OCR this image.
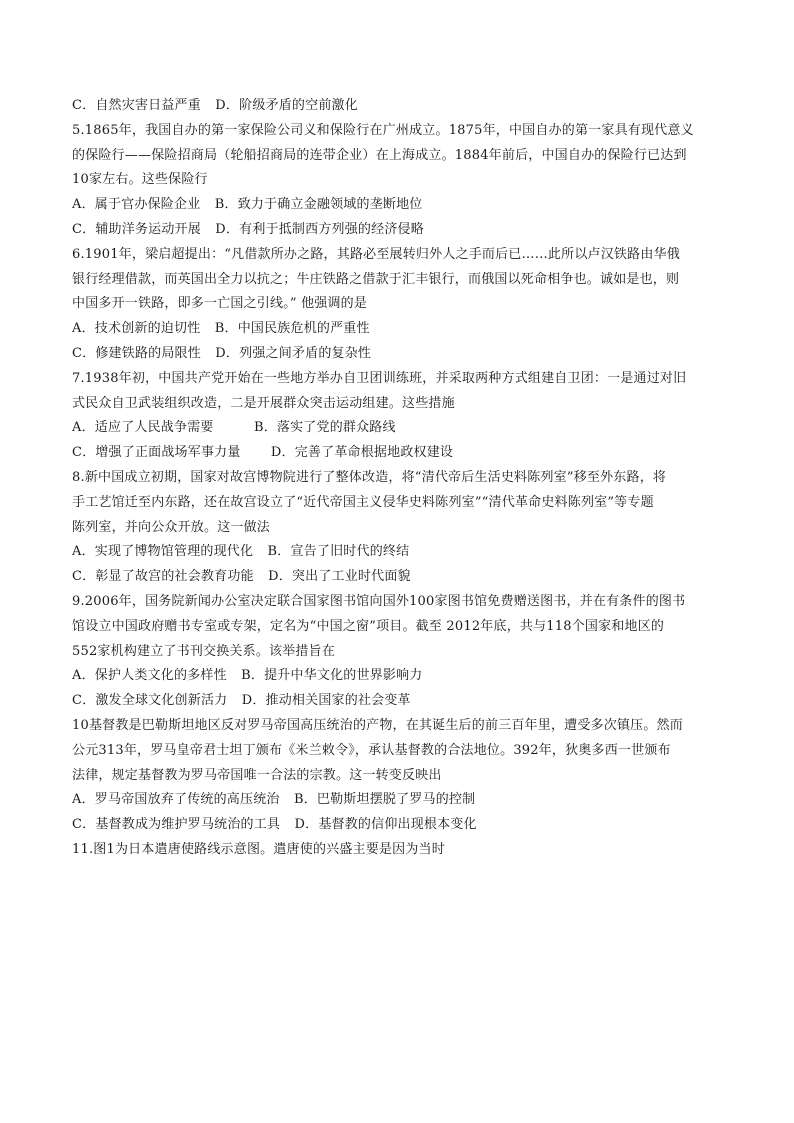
C．自然灾害日益严重 D．阶级矛盾的空前激化
5.1865年，我国自办的第一家保险公司义和保险行在广州成立。1875年，中国自办的第一家具有现代意义
的保险行——保险招商局（轮船招商局的连带企业）在上海成立。1884年前后，中国自办的保险行已达到
10家左右。这些保险行
A．属于官办保险企业 B．致力于确立金融领域的垄断地位
C．辅助洋务运动开展 D．有利于抵制西方列强的经济侵略
6.1901年，梁启超提出：“凡借款所办之路，其路必至展转归外人之手而后已……此所以卢汉铁路由华俄
银行经理借款，而英国出全力以抗之；牛庄铁路之借款于汇丰银行，而俄国以死命相争也。诚如是也，则
中国多开一铁路，即多一亡国之引线。” 他强调的是
A．技术创新的迫切性 B．中国民族危机的严重性
C．修建铁路的局限性 D．列强之间矛盾的复杂性
7.1938年初，中国共产党开始在一些地方举办自卫团训练班，并采取两种方式组建自卫团：一是通过对旧
式民众自卫武装组织改造，二是开展群众突击运动组建。这些措施
A．适应了人民战争需要	B．落实了党的群众路线
C．增强了正面战场军事力量 D．完善了革命根据地政权建设
8.新中国成立初期，国家对故宫博物院进行了整体改造，将“清代帝后生活史料陈列室”移至外东路，将
手工艺馆迁至内东路，还在故宫设立了“近代帝国主义侵华史料陈列室”“清代革命史料陈列室”等专题
陈列室，并向公众开放。这一做法
A．实现了博物馆管理的现代化 B．宣告了旧时代的终结
C．彰显了故宫的社会教育功能 D．突出了工业时代面貌
9.2006年，国务院新闻办公室决定联合国家图书馆向国外100家图书馆免费赠送图书，并在有条件的图书
馆设立中国政府赠书专室或专架，定名为“中国之窗”项目。截至 2012年底，共与118个国家和地区的
552家机构建立了书刊交换关系。该举措旨在
A．保护人类文化的多样性 B．提升中华文化的世界影响力
C．激发全球文化创新活力 D．推动相关国家的社会变革
10基督教是巴勒斯坦地区反对罗马帝国高压统治的产物，在其诞生后的前三百年里，遭受多次镇压。然而
公元313年，罗马皇帝君士坦丁颁布《米兰敕令》，承认基督教的合法地位。392年，狄奥多西一世颁布
法律，规定基督教为罗马帝国唯一合法的宗教。这一转变反映出
A．罗马帝国放弃了传统的高压统治 B．巴勒斯坦摆脱了罗马的控制
C．基督教成为维护罗马统治的工具 D．基督教的信仰出现根本变化
11.图1为日本遣唐使路线示意图。遣唐使的兴盛主要是因为当时
